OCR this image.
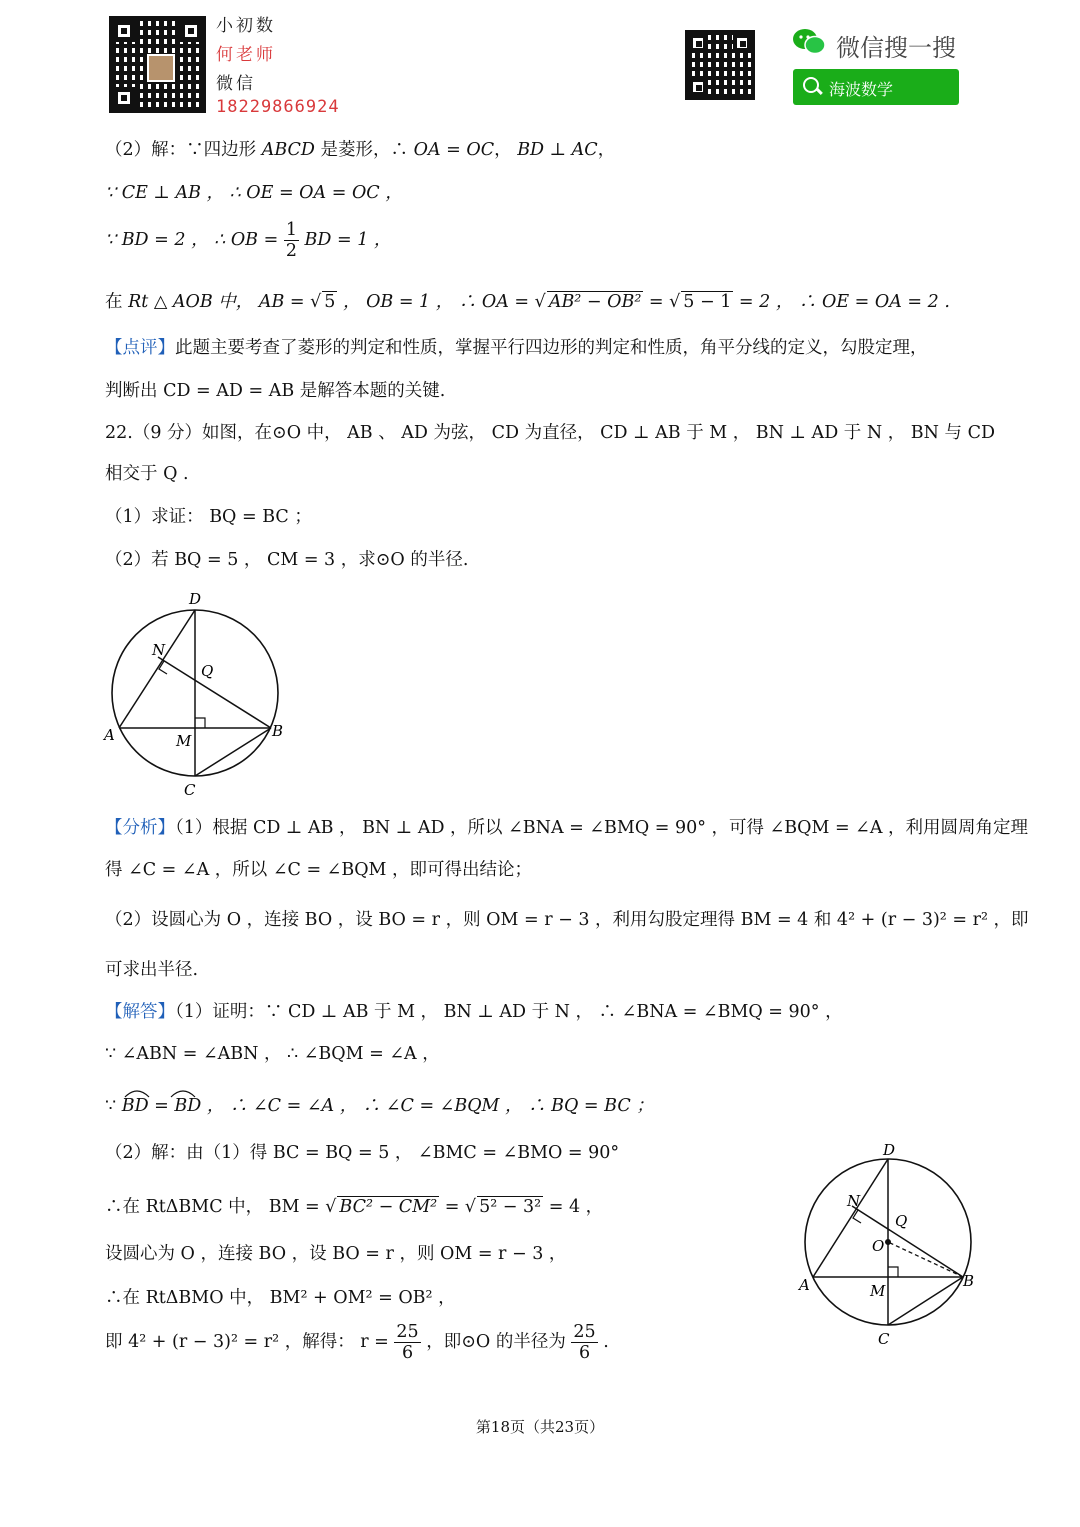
小初数
何老师
微信
18229866924
微信搜一搜
海波数学
（2）解：∵四边形 ABCD 是菱形，∴ OA = OC， BD ⊥ AC，
∵ CE ⊥ AB ， ∴ OE = OA = OC ，
∵ BD = 2 ， ∴ OB = $\frac{1}{2}$ BD = 1 ，
在 Rt △ AOB 中， AB = √ 5 ， OB = 1 ， ∴ OA = √ AB² − OB² = √ 5 − 1 = 2 ， ∴ OE = OA = 2 .
【点评】此题主要考查了菱形的判定和性质，掌握平行四边形的判定和性质，角平分线的定义，勾股定理，
判断出 CD = AD = AB 是解答本题的关键.
22.（9 分）如图，在⊙O 中， AB 、 AD 为弦， CD 为直径， CD ⊥ AB 于 M ， BN ⊥ AD 于 N ， BN 与 CD
相交于 Q .
（1）求证： BQ = BC ；
（2）若 BQ = 5 ， CM = 3 ，求⊙O 的半径.
D
N
Q
A	M
B
C
【分析】（1）根据 CD ⊥ AB ， BN ⊥ AD ，所以 ∠BNA = ∠BMQ = 90° ，可得 ∠BQM = ∠A ，利用圆周角定理
得 ∠C = ∠A ，所以 ∠C = ∠BQM ，即可得出结论；
（2）设圆心为 O ，连接 BO ，设 BO = r ，则 OM = r − 3 ，利用勾股定理得 BM = 4 和 4² + (r − 3)² = r² ，即
可求出半径.
【解答】（1）证明：∵ CD ⊥ AB 于 M ， BN ⊥ AD 于 N ， ∴ ∠BNA = ∠BMQ = 90° ，
∵ ∠ABN = ∠ABN ， ∴ ∠BQM = ∠A ，
∵ BD = BD ， ∴ ∠C = ∠A ， ∴ ∠C = ∠BQM ， ∴ BQ = BC ；
（2）解：由（1）得 BC = BQ = 5 ， ∠BMC = ∠BMO = 90°
∴在 RtΔBMC 中， BM = √ BC² − CM² = √ 5² − 3² = 4 ，
设圆心为 O ，连接 BO ，设 BO = r ，则 OM = r − 3 ，
∴在 RtΔBMO 中， BM² + OM² = OB² ，
即 4² + (r − 3)² = r² ，解得： $r = \frac{25}{6}$ ，即⊙O 的半径为 $\frac{25}{6}$ .
D
N
Q
O
A	M
B
C
第18页（共23页）
